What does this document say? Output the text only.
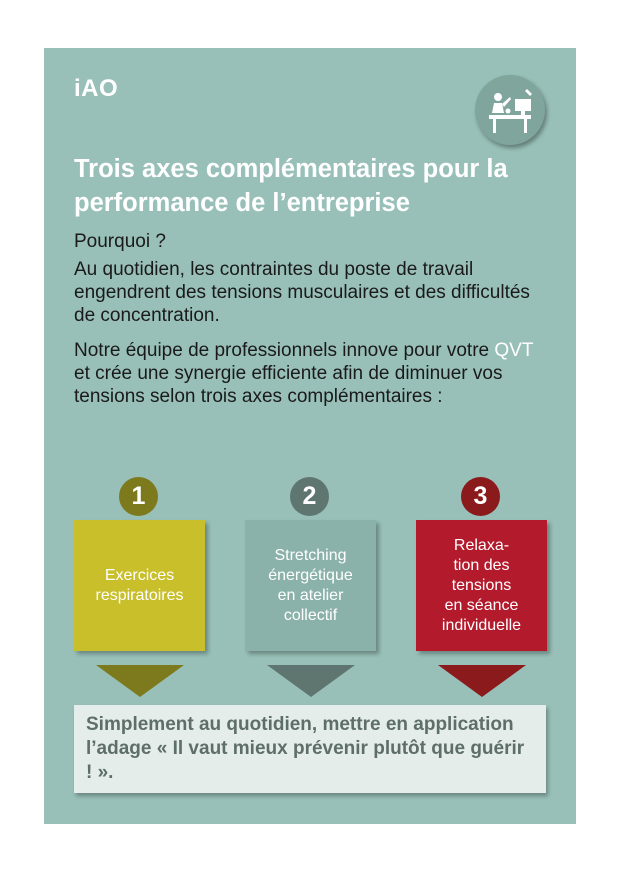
iAO
Trois axes complémentaires pour la performance de l’entreprise
Pourquoi ?
Au quotidien, les contraintes du poste de travail engendrent des tensions musculaires et des difficultés de concentration.
Notre équipe de professionnels innove pour votre QVT et crée une synergie efficiente afin de diminuer vos tensions selon trois axes complémentaires :
1
Exercices
respiratoires
2
Stretching
énergétique
en atelier
collectif
3
Relaxa-
tion des
tensions
en séance
individuelle
Simplement au quotidien, mettre en application l’adage « Il vaut mieux prévenir plutôt que guérir ! ».
